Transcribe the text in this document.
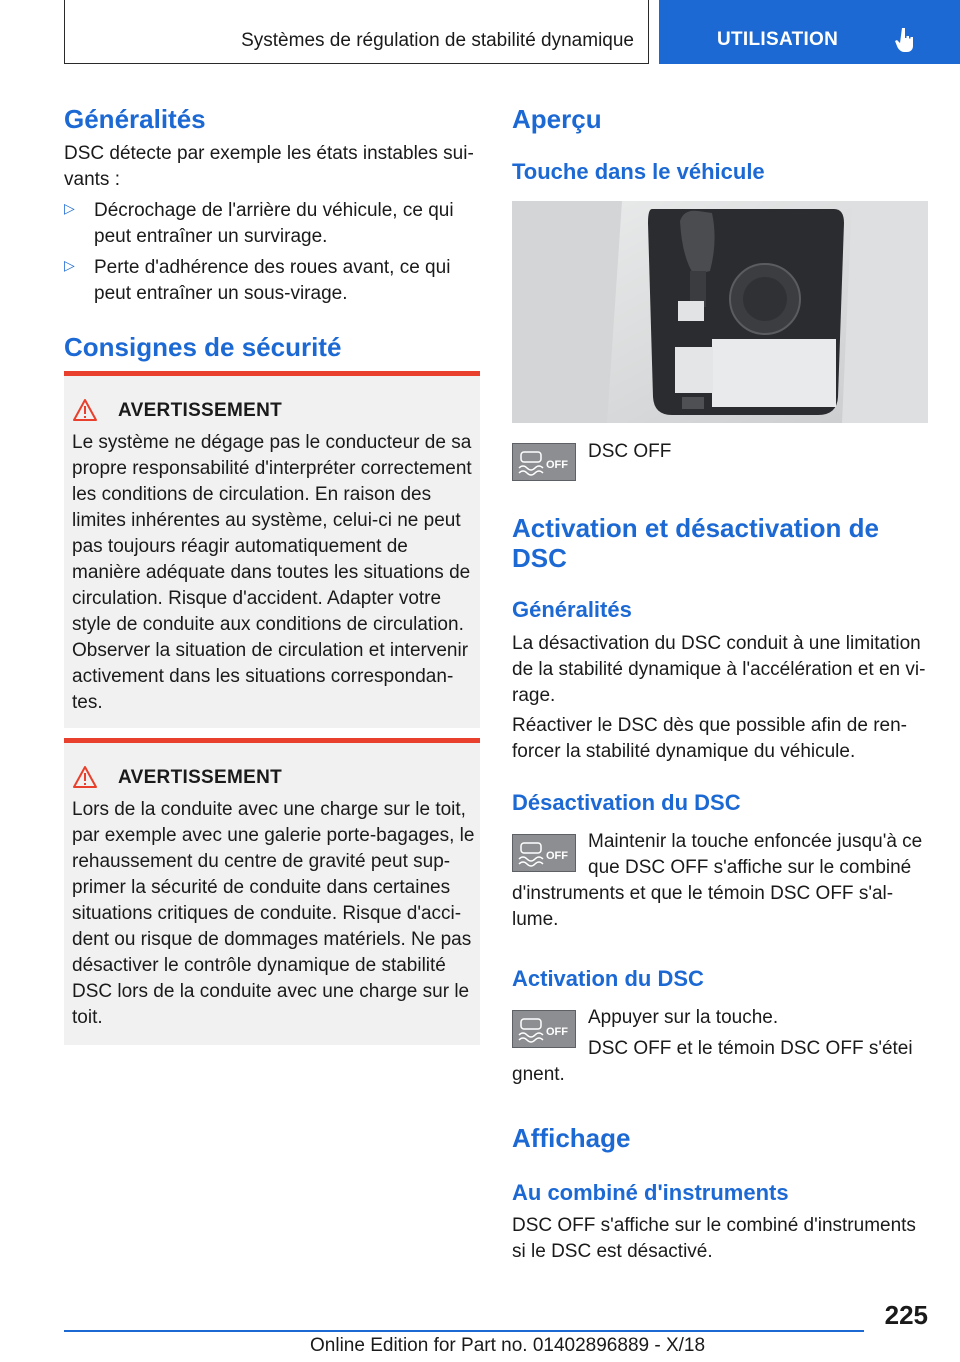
Systèmes de régulation de stabilité dynamique	UTILISATION
Généralités

DSC détecte par exemple les états instables suivants :

▷ Décrochage de l'arrière du véhicule, ce qui peut entraîner un survirage.
▷ Perte d'adhérence des roues avant, ce qui peut entraîner un sous-virage.
Consignes de sécurité
AVERTISSEMENT
Le système ne dégage pas le conducteur de sa propre responsabilité d'interpréter correctement les conditions de circulation. En raison des limites inhérentes au système, celui-ci ne peut pas toujours réagir automatiquement de manière adéquate dans toutes les situations de circulation. Risque d'accident. Adapter votre style de conduite aux conditions de circulation. Observer la situation de circulation et intervenir activement dans les situations correspondantes.
AVERTISSEMENT
Lors de la conduite avec une charge sur le toit, par exemple avec une galerie porte-bagages, le rehaussement du centre de gravité peut supprimer la sécurité de conduite dans certaines situations critiques de conduite. Risque d'accident ou risque de dommages matériels. Ne pas désactiver le contrôle dynamique de stabilité DSC lors de la conduite avec une charge sur le toit.
Aperçu
Touche dans le véhicule
OFF
DSC OFF
Activation et désactivation de DSC
Généralités

La désactivation du DSC conduit à une limitation de la stabilité dynamique à l'accélération et en virage.

Réactiver le DSC dès que possible afin de renforcer la stabilité dynamique du véhicule.

Désactivation du DSC
OFF

Maintenir la touche enfoncée jusqu'à ce que DSC OFF s'affiche sur le combiné

d'instruments et que le témoin DSC OFF s'allume.

Activation du DSC
OFF

Appuyer sur la touche.

DSC OFF et le témoin DSC OFF s'étei

gnent.

Affichage
Au combiné d'instruments

DSC OFF s'affiche sur le combiné d'instruments si le DSC est désactivé.

225
Online Edition for Part no. 01402896889 - X/18
